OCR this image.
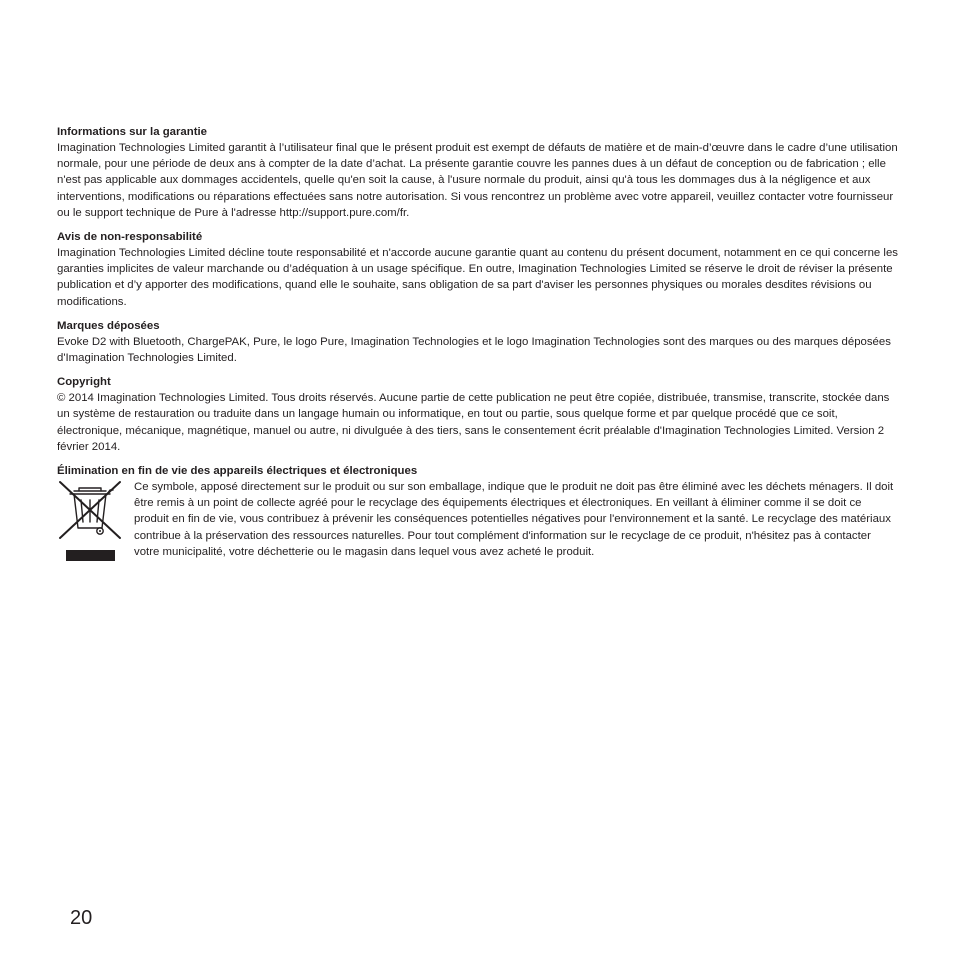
Informations sur la garantie

Imagination Technologies Limited garantit à l’utilisateur final que le présent produit est exempt de défauts de matière et de main-d’œuvre dans le cadre d’une utilisation normale, pour une période de deux ans à compter de la date d’achat. La présente garantie couvre les pannes dues à un défaut de conception ou de fabrication ; elle n'est pas applicable aux dommages accidentels, quelle qu'en soit la cause, à l'usure normale du produit, ainsi qu'à tous les dommages dus à la négligence et aux interventions, modifications ou réparations effectuées sans notre autorisation. Si vous rencontrez un problème avec votre appareil, veuillez contacter votre fournisseur ou le support technique de Pure à l'adresse http://support.pure.com/fr.

Avis de non-responsabilité

Imagination Technologies Limited décline toute responsabilité et n'accorde aucune garantie quant au contenu du présent document, notamment en ce qui concerne les garanties implicites de valeur marchande ou d’adéquation à un usage spécifique. En outre, Imagination Technologies Limited se réserve le droit de réviser la présente publication et d’y apporter des modifications, quand elle le souhaite, sans obligation de sa part d'aviser les personnes physiques ou morales desdites révisions ou modifications.

Marques déposées

Evoke D2 with Bluetooth, ChargePAK, Pure, le logo Pure, Imagination Technologies et le logo Imagination Technologies sont des marques ou des marques déposées d'Imagination Technologies Limited.

Copyright

© 2014 Imagination Technologies Limited. Tous droits réservés. Aucune partie de cette publication ne peut être copiée, distribuée, transmise, transcrite, stockée dans un système de restauration ou traduite dans un langage humain ou informatique, en tout ou partie, sous quelque forme et par quelque procédé que ce soit, électronique, mécanique, magnétique, manuel ou autre, ni divulguée à des tiers, sans le consentement écrit préalable d'Imagination Technologies Limited. Version 2 février 2014.

Élimination en fin de vie des appareils électriques et électroniques

Ce symbole, apposé directement sur le produit ou sur son emballage, indique que le produit ne doit pas être éliminé avec les déchets ménagers. Il doit être remis à un point de collecte agréé pour le recyclage des équipements électriques et électroniques. En veillant à éliminer comme il se doit ce produit en fin de vie, vous contribuez à prévenir les conséquences potentielles négatives pour l'environnement et la santé. Le recyclage des matériaux contribue à la préservation des ressources naturelles. Pour tout complément d'information sur le recyclage de ce produit, n'hésitez pas à contacter votre municipalité, votre déchetterie ou le magasin dans lequel vous avez acheté le produit.

20
